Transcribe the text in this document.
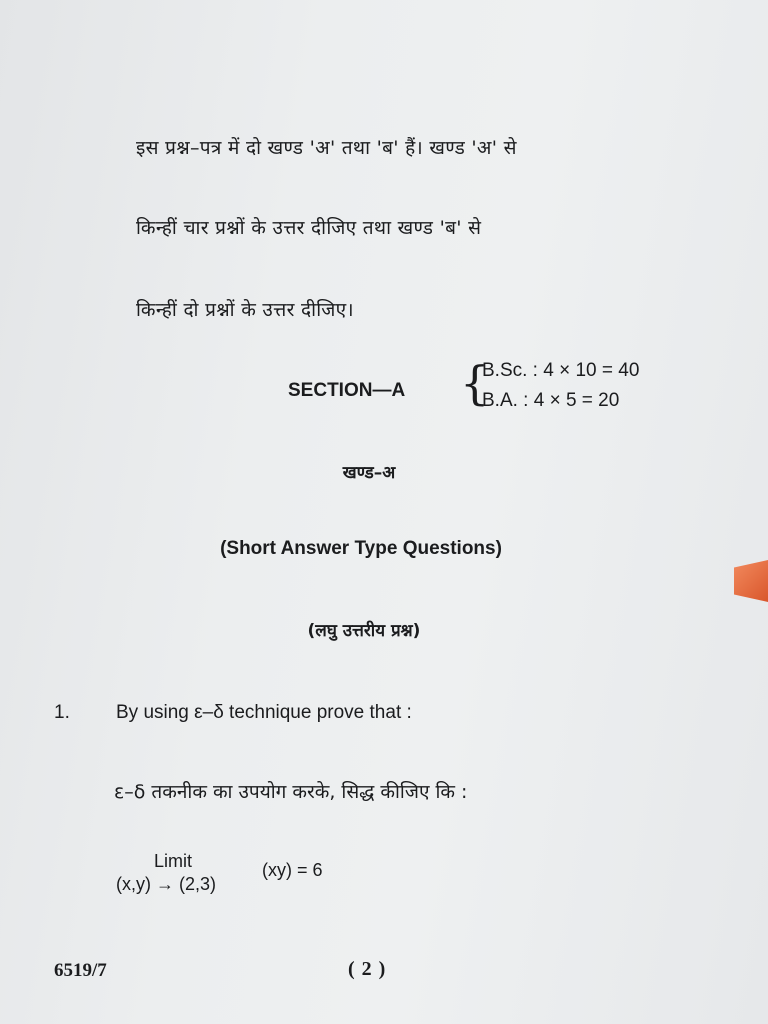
इस प्रश्न–पत्र में दो खण्ड 'अ' तथा 'ब' हैं। खण्ड 'अ' से
किन्हीं चार प्रश्नों के उत्तर दीजिए तथा खण्ड 'ब' से
किन्हीं दो प्रश्नों के उत्तर दीजिए।
SECTION—A {
B.Sc. : 4 × 10 = 40
B.A. : 4 × 5 = 20
खण्ड–अ
(Short Answer Type Questions)
(लघु उत्तरीय प्रश्न)
1. By using ε–δ technique prove that :
ε–δ तकनीक का उपयोग करके, सिद्ध कीजिए कि :
Limit
(x,y) → (2,3)
(xy) = 6
6519/7	( 2 )
